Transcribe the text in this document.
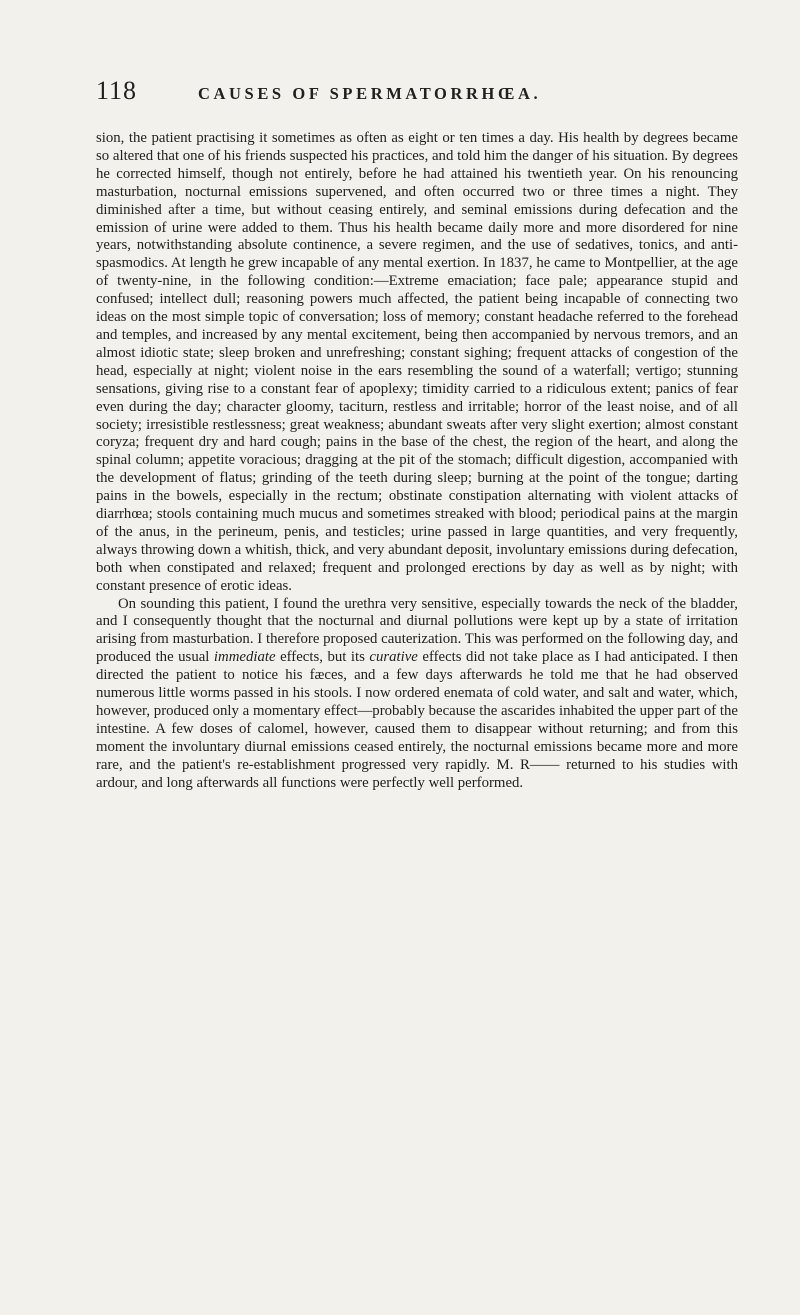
118	CAUSES OF SPERMATORRHŒA.

sion, the patient practising it sometimes as often as eight or ten times a day. His health by degrees became so altered that one of his friends suspected his practices, and told him the danger of his situation. By degrees he corrected himself, though not entirely, before he had attained his twentieth year. On his renouncing masturbation, nocturnal emissions supervened, and often occurred two or three times a night. They diminished after a time, but without ceasing entirely, and seminal emissions during defecation and the emission of urine were added to them. Thus his health became daily more and more disordered for nine years, notwithstanding absolute continence, a severe regimen, and the use of sedatives, tonics, and anti-spasmodics. At length he grew incapable of any mental exertion. In 1837, he came to Montpellier, at the age of twenty-nine, in the following condition:—Extreme emaciation; face pale; appearance stupid and confused; intellect dull; reasoning powers much affected, the patient being incapable of connecting two ideas on the most simple topic of conversation; loss of memory; constant headache referred to the forehead and temples, and increased by any mental excitement, being then accompanied by nervous tremors, and an almost idiotic state; sleep broken and unrefreshing; constant sighing; frequent attacks of congestion of the head, especially at night; violent noise in the ears resembling the sound of a waterfall; vertigo; stunning sensations, giving rise to a constant fear of apoplexy; timidity carried to a ridiculous extent; panics of fear even during the day; character gloomy, taciturn, restless and irritable; horror of the least noise, and of all society; irresistible restlessness; great weakness; abundant sweats after very slight exertion; almost constant coryza; frequent dry and hard cough; pains in the base of the chest, the region of the heart, and along the spinal column; appetite voracious; dragging at the pit of the stomach; difficult digestion, accompanied with the development of flatus; grinding of the teeth during sleep; burning at the point of the tongue; darting pains in the bowels, especially in the rectum; obstinate constipation alternating with violent attacks of diarrhœa; stools containing much mucus and sometimes streaked with blood; periodical pains at the margin of the anus, in the perineum, penis, and testicles; urine passed in large quantities, and very frequently, always throwing down a whitish, thick, and very abundant deposit, involuntary emissions during defecation, both when constipated and relaxed; frequent and prolonged erections by day as well as by night; with constant presence of erotic ideas.

On sounding this patient, I found the urethra very sensitive, especially towards the neck of the bladder, and I consequently thought that the nocturnal and diurnal pollutions were kept up by a state of irritation arising from masturbation. I therefore proposed cauterization. This was performed on the following day, and produced the usual immediate effects, but its curative effects did not take place as I had anticipated. I then directed the patient to notice his fæces, and a few days afterwards he told me that he had observed numerous little worms passed in his stools. I now ordered enemata of cold water, and salt and water, which, however, produced only a momentary effect—probably because the ascarides inhabited the upper part of the intestine. A few doses of calomel, however, caused them to disappear without returning; and from this moment the involuntary diurnal emissions ceased entirely, the nocturnal emissions became more and more rare, and the patient's re-establishment progressed very rapidly. M. R—— returned to his studies with ardour, and long afterwards all functions were perfectly well performed.
